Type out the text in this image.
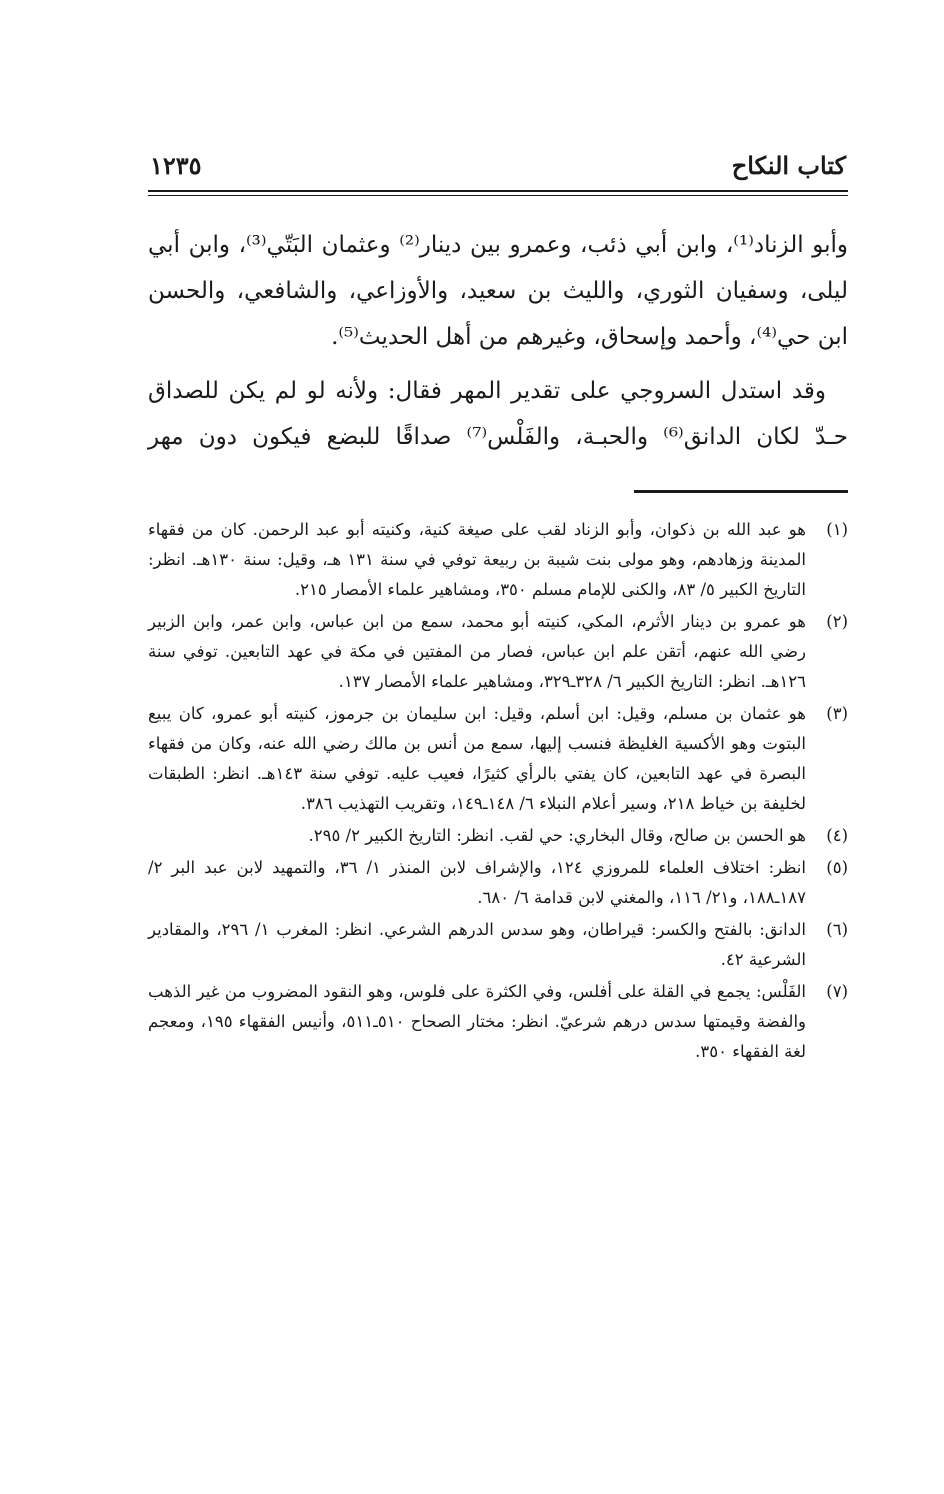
كتاب النكاح
١٢٣٥

وأبو الزناد⁽¹⁾، وابن أبي ذئب، وعمرو بين دينار⁽²⁾ وعثمان البَتّي⁽³⁾، وابن أبي ليلى، وسفيان الثوري، والليث بن سعيد، والأوزاعي، والشافعي، والحسن ابن حي⁽⁴⁾، وأحمد وإسحاق، وغيرهم من أهل الحديث⁽⁵⁾.

وقد استدل السروجي على تقدير المهر فقال: ولأنه لو لم يكن للصداق حـدّ لكان الدانق⁽⁶⁾ والحبـة، والفَلْس⁽⁷⁾ صداقًا للبضع فيكون دون مهر

(١)
هو عبد الله بن ذكوان، وأبو الزناد لقب على صيغة كنية، وكنيته أبو عبد الرحمن. كان من فقهاء المدينة وزهادهم، وهو مولى بنت شيبة بن ربيعة توفي في سنة ١٣١ هـ، وقيل: سنة ١٣٠هـ. انظر: التاريخ الكبير ٥/ ٨٣، والكنى للإمام مسلم ٣٥٠، ومشاهير علماء الأمصار ٢١٥.
(٢)
هو عمرو بن دينار الأثرم، المكي، كنيته أبو محمد، سمع من ابن عباس، وابن عمر، وابن الزبير رضي الله عنهم، أتقن علم ابن عباس، فصار من المفتين في مكة في عهد التابعين. توفي سنة ١٢٦هـ. انظر: التاريخ الكبير ٦/ ٣٢٨ـ٣٢٩، ومشاهير علماء الأمصار ١٣٧.
(٣)
هو عثمان بن مسلم، وقيل: ابن أسلم، وقيل: ابن سليمان بن جرموز، كنيته أبو عمرو، كان يبيع البتوت وهو الأكسية الغليظة فنسب إليها، سمع من أنس بن مالك رضي الله عنه، وكان من فقهاء البصرة في عهد التابعين، كان يفتي بالرأي كثيرًا، فعيب عليه. توفي سنة ١٤٣هـ. انظر: الطبقات لخليفة بن خياط ٢١٨، وسير أعلام النبلاء ٦/ ١٤٨ـ١٤٩، وتقريب التهذيب ٣٨٦.
(٤)
هو الحسن بن صالح، وقال البخاري: حي لقب. انظر: التاريخ الكبير ٢/ ٢٩٥.
(٥)
انظر: اختلاف العلماء للمروزي ١٢٤، والإشراف لابن المنذر ١/ ٣٦، والتمهيد لابن عبد البر ٢/ ١٨٧ـ١٨٨، و٢١/ ١١٦، والمغني لابن قدامة ٦/ ٦٨٠.
(٦)
الدانق: بالفتح والكسر: قيراطان، وهو سدس الدرهم الشرعي. انظر: المغرب ١/ ٢٩٦، والمقادير الشرعية ٤٢.
(٧)
الفَلْس: يجمع في القلة على أفلس، وفي الكثرة على فلوس، وهو النقود المضروب من غير الذهب والفضة وقيمتها سدس درهم شرعيّ. انظر: مختار الصحاح ٥١٠ـ٥١١، وأنيس الفقهاء ١٩٥، ومعجم لغة الفقهاء ٣٥٠.
